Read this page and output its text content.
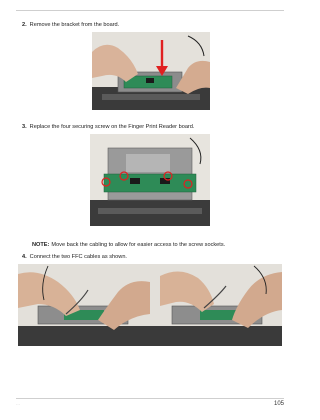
2. Remove the bracket from the board.
3. Replace the four securing screw on the Finger Print Reader board.
NOTE: Move back the cabling to allow for easier access to the screw sockets.
4. Connect the two FFC cables as shown.
…	105
